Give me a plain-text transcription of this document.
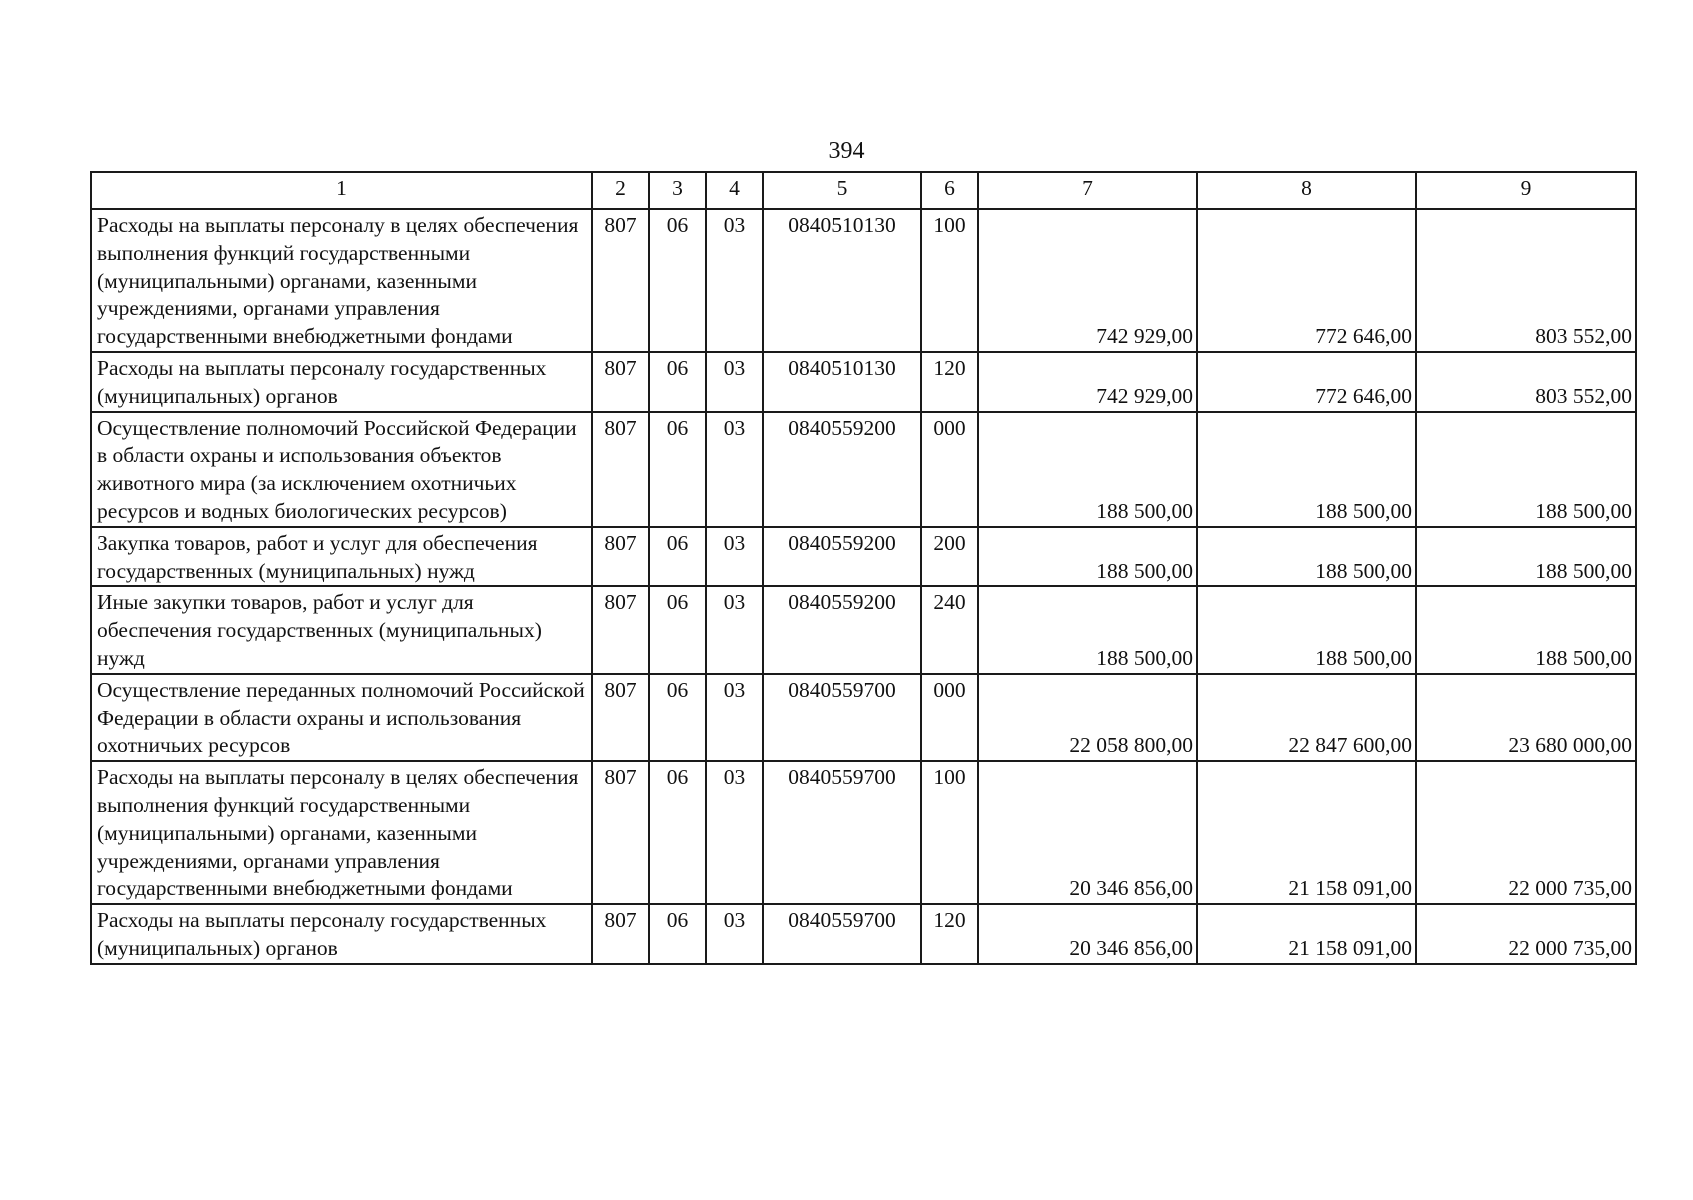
394
1	2	3	4	5	6	7	8	9
Расходы на выплаты персоналу в целях обеспечения выполнения функций государственными (муниципальными) органами, казенными учреждениями, органами управления государственными внебюджетными фондами	807	06	03	0840510130	100	742 929,00	772 646,00	803 552,00
Расходы на выплаты персоналу государственных (муниципальных) органов	807	06	03	0840510130	120	742 929,00	772 646,00	803 552,00
Осуществление полномочий Российской Федерации в области охраны и использования объектов животного мира (за исключением охотничьих ресурсов и водных биологических ресурсов)	807	06	03	0840559200	000	188 500,00	188 500,00	188 500,00
Закупка товаров, работ и услуг для обеспечения государственных (муниципальных) нужд	807	06	03	0840559200	200	188 500,00	188 500,00	188 500,00
Иные закупки товаров, работ и услуг для обеспечения государственных (муниципальных) нужд	807	06	03	0840559200	240	188 500,00	188 500,00	188 500,00
Осуществление переданных полномочий Российской Федерации в области охраны и использования охотничьих ресурсов	807	06	03	0840559700	000	22 058 800,00	22 847 600,00	23 680 000,00
Расходы на выплаты персоналу в целях обеспечения выполнения функций государственными (муниципальными) органами, казенными учреждениями, органами управления государственными внебюджетными фондами	807	06	03	0840559700	100	20 346 856,00	21 158 091,00	22 000 735,00
Расходы на выплаты персоналу государственных (муниципальных) органов	807	06	03	0840559700	120	20 346 856,00	21 158 091,00	22 000 735,00
